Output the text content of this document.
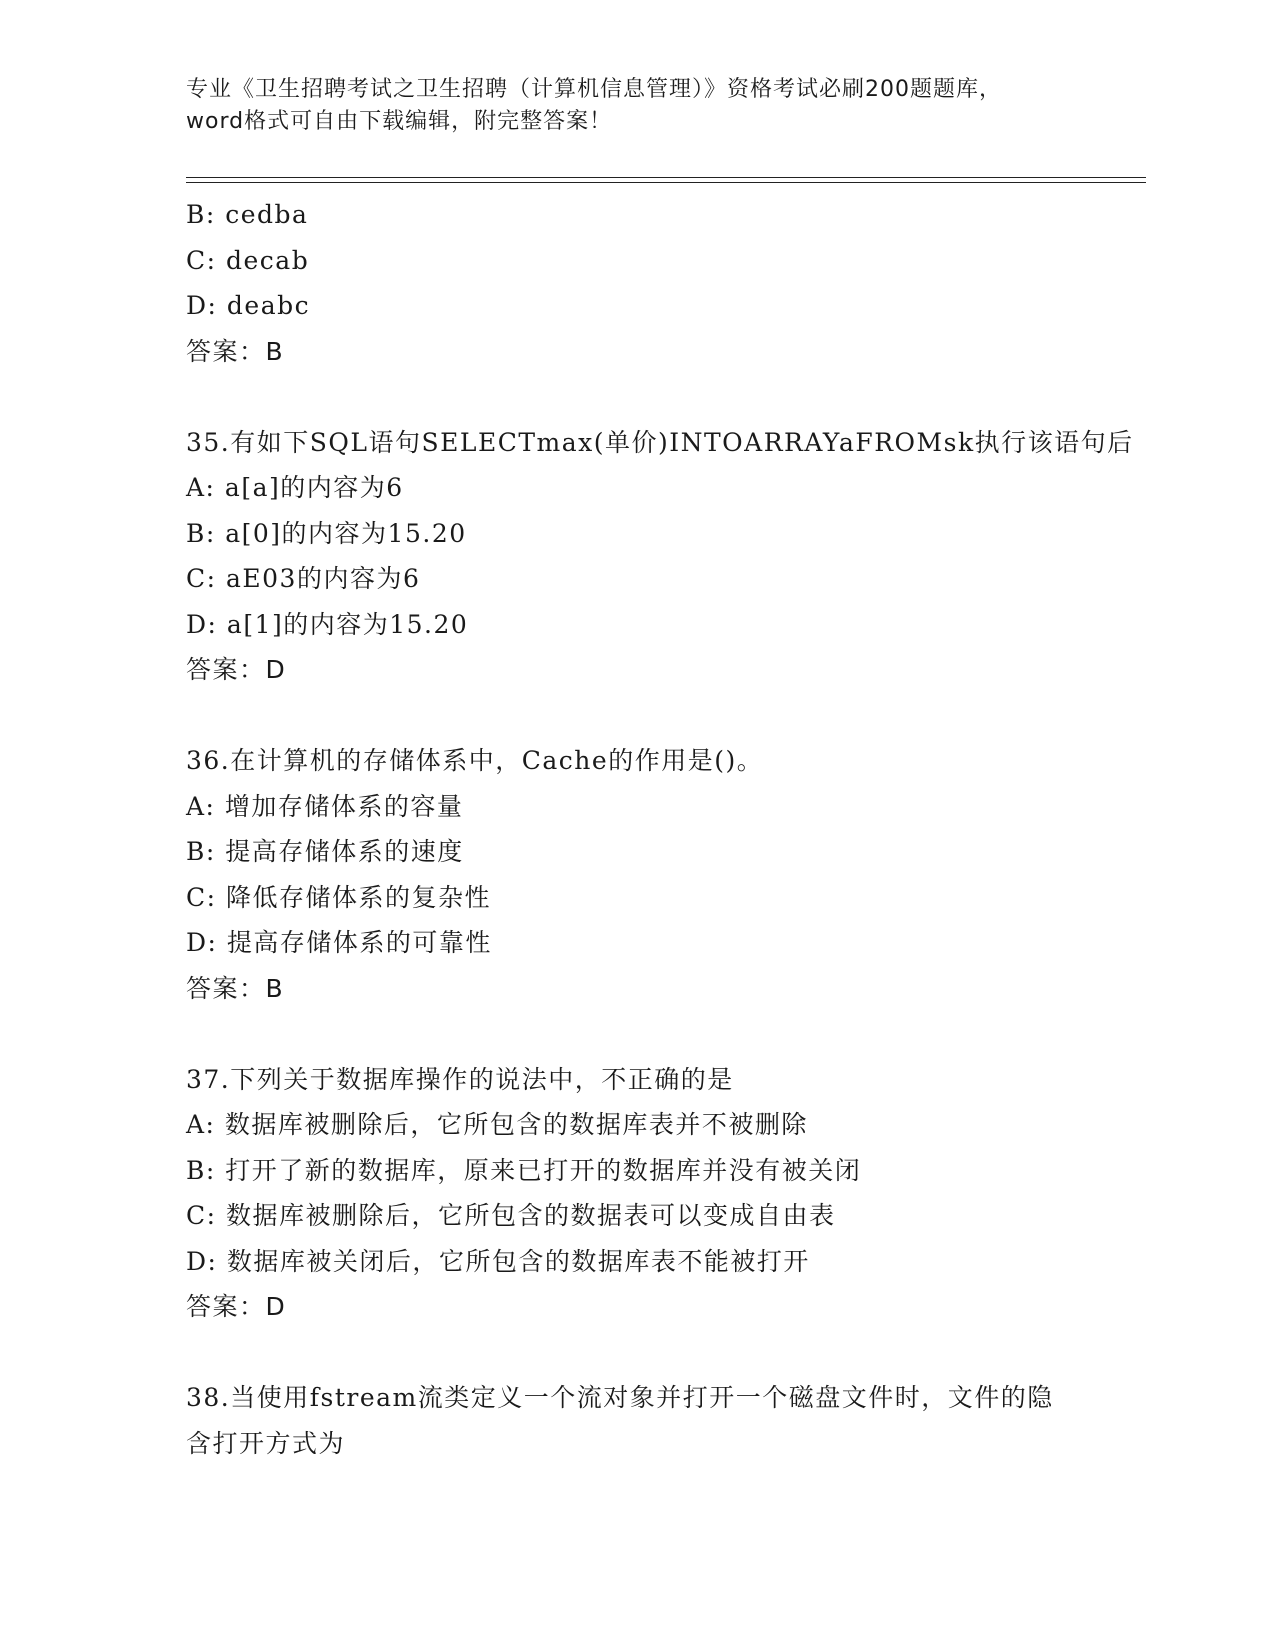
专业《卫生招聘考试之卫生招聘（计算机信息管理）》资格考试必刷200题题库，
word格式可自由下载编辑，附完整答案！
B: cedba
C: decab
D: deabc
答案：B
35.有如下SQL语句SELECTmax(单价)INTOARRAYaFROMsk执行该语句后
A: a[a]的内容为6
B: a[0]的内容为15.20
C: aE03的内容为6
D: a[1]的内容为15.20
答案：D
36.在计算机的存储体系中，Cache的作用是()。
A: 增加存储体系的容量
B: 提高存储体系的速度
C: 降低存储体系的复杂性
D: 提高存储体系的可靠性
答案：B
37.下列关于数据库操作的说法中，不正确的是
A: 数据库被删除后，它所包含的数据库表并不被删除
B: 打开了新的数据库，原来已打开的数据库并没有被关闭
C: 数据库被删除后，它所包含的数据表可以变成自由表
D: 数据库被关闭后，它所包含的数据库表不能被打开
答案：D
38.当使用fstream流类定义一个流对象并打开一个磁盘文件时，文件的隐含打开方式为
